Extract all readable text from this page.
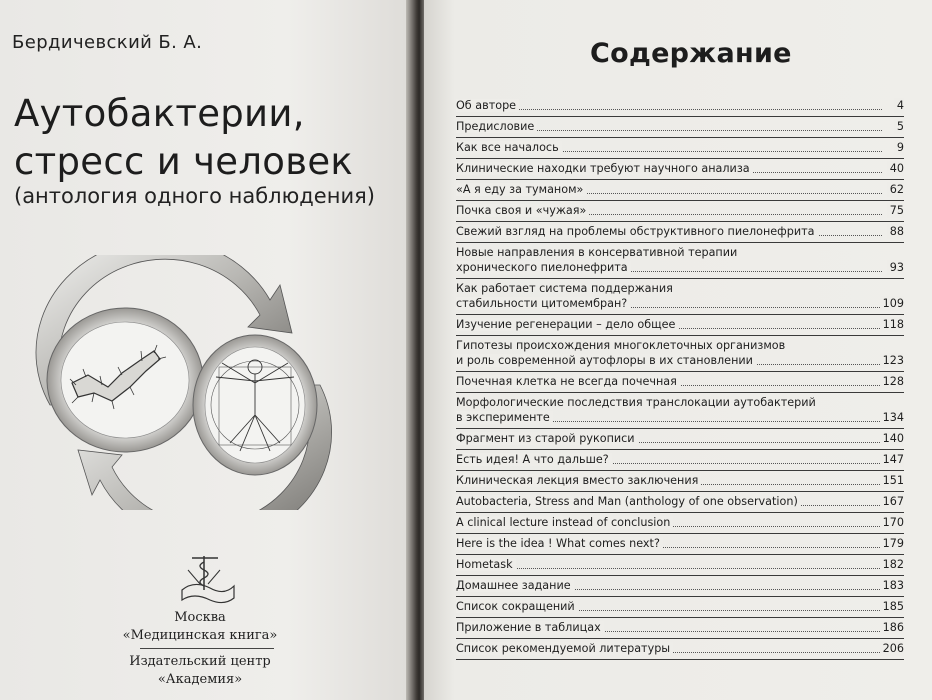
Бердичевский Б. А.
Аутобактерии,
стресс и человек
(антология одного наблюдения)
Москва
«Медицинская книга»
Издательский центр
«Академия»
Содержание
Об авторе	4
Предисловие	5
Как все началось	9
Клинические находки требуют научного анализа	40
«А я еду за туманом»	62
Почка своя и «чужая»	75
Свежий взгляд на проблемы обструктивного пиелонефрита	88
Новые направления в консервативной терапии
хронического пиелонефрита	93
Как работает система поддержания
стабильности цитомембран?	109
Изучение регенерации – дело общее	118
Гипотезы происхождения многоклеточных организмов
и роль современной аутофлоры в их становлении	123
Почечная клетка не всегда почечная	128
Морфологические последствия транслокации аутобактерий
в эксперименте	134
Фрагмент из старой рукописи	140
Есть идея! А что дальше?	147
Клиническая лекция вместо заключения	151
Autobacteria, Stress and Man (anthology of one observation)	167
A clinical lecture instead of conclusion	170
Here is the idea ! What comes next?	179
Hometask	182
Домашнее задание	183
Список сокращений	185
Приложение в таблицах	186
Список рекомендуемой литературы	206
